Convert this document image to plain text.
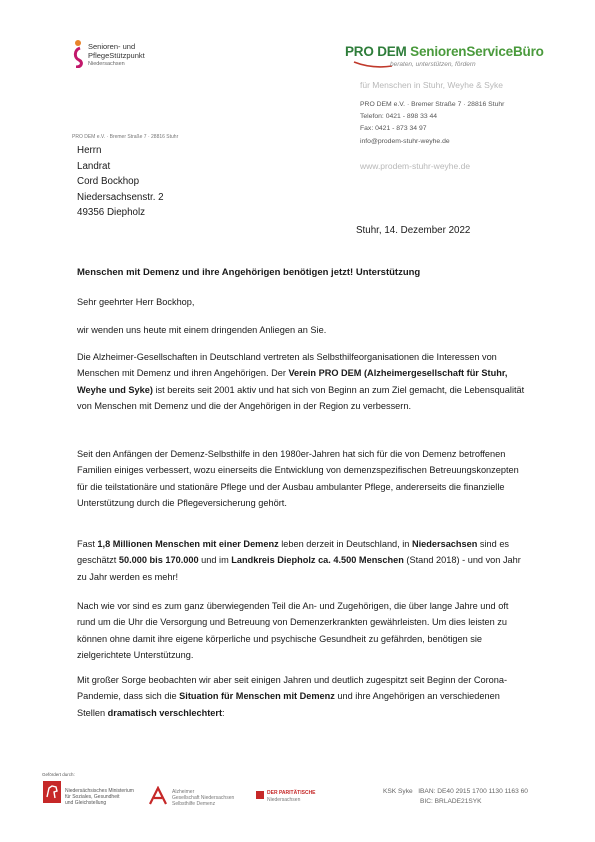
Senioren- und
PflegeStützpunkt
Niedersachsen
PRO DEM SeniorenServiceBüro
beraten, unterstützen, fördern
für Menschen in Stuhr, Weyhe & Syke
PRO DEM e.V. · Bremer Straße 7 · 28816 Stuhr
Telefon: 0421 - 898 33 44
Fax: 0421 - 873 34 97
info@prodem-stuhr-weyhe.de
www.prodem-stuhr-weyhe.de
PRO DEM e.V. · Bremer Straße 7 · 28816 Stuhr
Herrn
Landrat
Cord Bockhop
Niedersachsenstr. 2
49356 Diepholz
Stuhr, 14. Dezember 2022
Menschen mit Demenz und ihre Angehörigen benötigen jetzt! Unterstützung
Sehr geehrter Herr Bockhop,
wir wenden uns heute mit einem dringenden Anliegen an Sie.
Die Alzheimer-Gesellschaften in Deutschland vertreten als Selbsthilfeorganisationen die Interessen von Menschen mit Demenz und ihren Angehörigen. Der Verein PRO DEM (Alzheimergesellschaft für Stuhr, Weyhe und Syke) ist bereits seit 2001 aktiv und hat sich von Beginn an zum Ziel gemacht, die Lebensqualität von Menschen mit Demenz und die der Angehörigen in der Region zu verbessern.
Seit den Anfängen der Demenz-Selbsthilfe in den 1980er-Jahren hat sich für die von Demenz betroffenen Familien einiges verbessert, wozu einerseits die Entwicklung von demenzspezifischen Betreuungskonzepten für die teilstationäre und stationäre Pflege und der Ausbau ambulanter Pflege, andererseits die finanzielle Unterstützung durch die Pflegeversicherung gehört.
Fast 1,8 Millionen Menschen mit einer Demenz leben derzeit in Deutschland, in Niedersachsen sind es geschätzt 50.000 bis 170.000 und im Landkreis Diepholz ca. 4.500 Menschen (Stand 2018) - und von Jahr zu Jahr werden es mehr!
Nach wie vor sind es zum ganz überwiegenden Teil die An- und Zugehörigen, die über lange Jahre und oft rund um die Uhr die Versorgung und Betreuung von Demenzerkrankten gewährleisten. Um dies leisten zu können ohne damit ihre eigene körperliche und psychische Gesundheit zu gefährden, benötigen sie zielgerichtete Unterstützung.
Mit großer Sorge beobachten wir aber seit einigen Jahren und deutlich zugespitzt seit Beginn der Corona-Pandemie, dass sich die Situation für Menschen mit Demenz und ihre Angehörigen an verschiedenen Stellen dramatisch verschlechtert:
Gefördert durch:
Niedersächsisches Ministerium
für Soziales, Gesundheit
und Gleichstellung
Alzheimer
Gesellschaft Niedersachsen
Selbsthilfe Demenz
DER PARITÄTISCHE
Niedersachsen
KSK Syke IBAN: DE40 2915 1700 1130 1163 60
BIC: BRLADE21SYK
